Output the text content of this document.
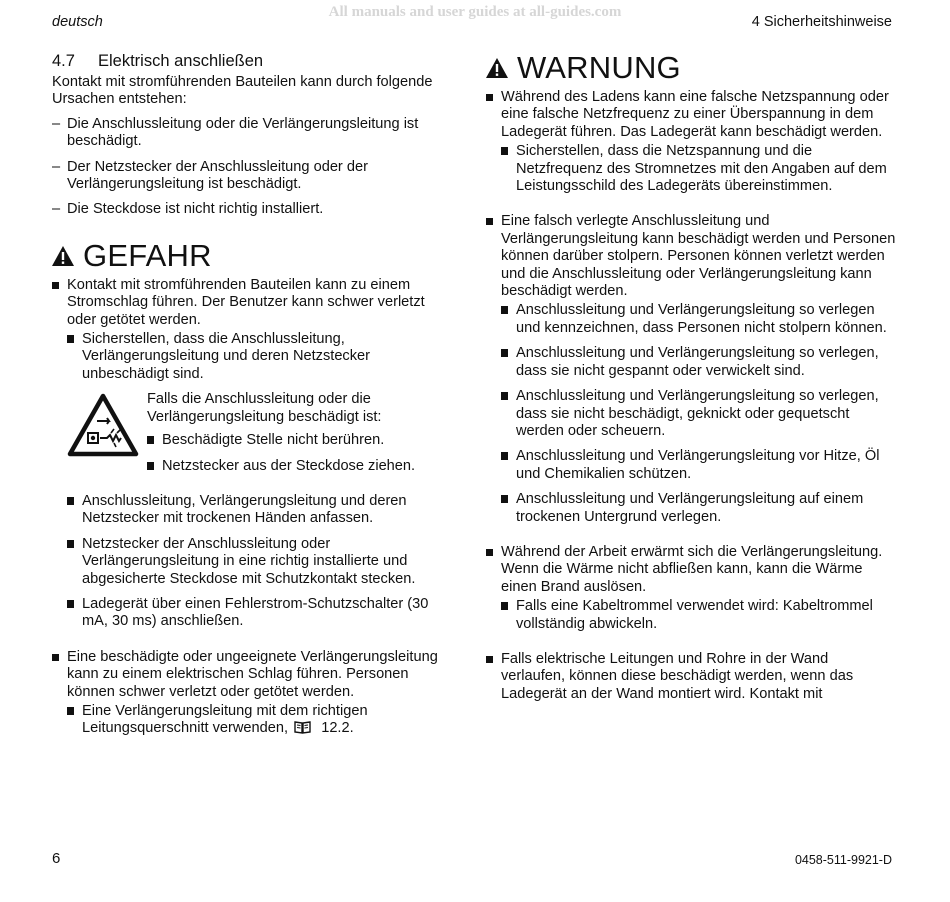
All manuals and user guides at all-guides.com
deutsch	4 Sicherheitshinweise
4.7	Elektrisch anschließen
Kontakt mit stromführenden Bauteilen kann durch folgende Ursachen entstehen:
– Die Anschlussleitung oder die Verlängerungsleitung ist beschädigt.
– Der Netzstecker der Anschlussleitung oder der Verlängerungsleitung ist beschädigt.
– Die Steckdose ist nicht richtig installiert.
GEFAHR
Kontakt mit stromführenden Bauteilen kann zu einem Stromschlag führen. Der Benutzer kann schwer verletzt oder getötet werden.
Sicherstellen, dass die Anschlussleitung, Verlängerungsleitung und deren Netzstecker unbeschädigt sind.
Falls die Anschlussleitung oder die Verlängerungsleitung beschädigt ist:
Beschädigte Stelle nicht berühren.
Netzstecker aus der Steckdose ziehen.
Anschlussleitung, Verlängerungsleitung und deren Netzstecker mit trockenen Händen anfassen.
Netzstecker der Anschlussleitung oder Verlängerungsleitung in eine richtig installierte und abgesicherte Steckdose mit Schutzkontakt stecken.
Ladegerät über einen Fehlerstrom-Schutzschalter (30 mA, 30 ms) anschließen.
Eine beschädigte oder ungeeignete Verlängerungsleitung kann zu einem elektrischen Schlag führen. Personen können schwer verletzt oder getötet werden.
Eine Verlängerungsleitung mit dem richtigen Leitungsquerschnitt verwenden, 12.2.
WARNUNG
Während des Ladens kann eine falsche Netzspannung oder eine falsche Netzfrequenz zu einer Überspannung in dem Ladegerät führen. Das Ladegerät kann beschädigt werden.
Sicherstellen, dass die Netzspannung und die Netzfrequenz des Stromnetzes mit den Angaben auf dem Leistungsschild des Ladegeräts übereinstimmen.
Eine falsch verlegte Anschlussleitung und Verlängerungsleitung kann beschädigt werden und Personen können darüber stolpern. Personen können verletzt werden und die Anschlussleitung oder Verlängerungsleitung kann beschädigt werden.
Anschlussleitung und Verlängerungsleitung so verlegen und kennzeichnen, dass Personen nicht stolpern können.
Anschlussleitung und Verlängerungsleitung so verlegen, dass sie nicht gespannt oder verwickelt sind.
Anschlussleitung und Verlängerungsleitung so verlegen, dass sie nicht beschädigt, geknickt oder gequetscht werden oder scheuern.
Anschlussleitung und Verlängerungsleitung vor Hitze, Öl und Chemikalien schützen.
Anschlussleitung und Verlängerungsleitung auf einem trockenen Untergrund verlegen.
Während der Arbeit erwärmt sich die Verlängerungsleitung. Wenn die Wärme nicht abfließen kann, kann die Wärme einen Brand auslösen.
Falls eine Kabeltrommel verwendet wird: Kabeltrommel vollständig abwickeln.
Falls elektrische Leitungen und Rohre in der Wand verlaufen, können diese beschädigt werden, wenn das Ladegerät an der Wand montiert wird. Kontakt mit
6	0458-511-9921-D
